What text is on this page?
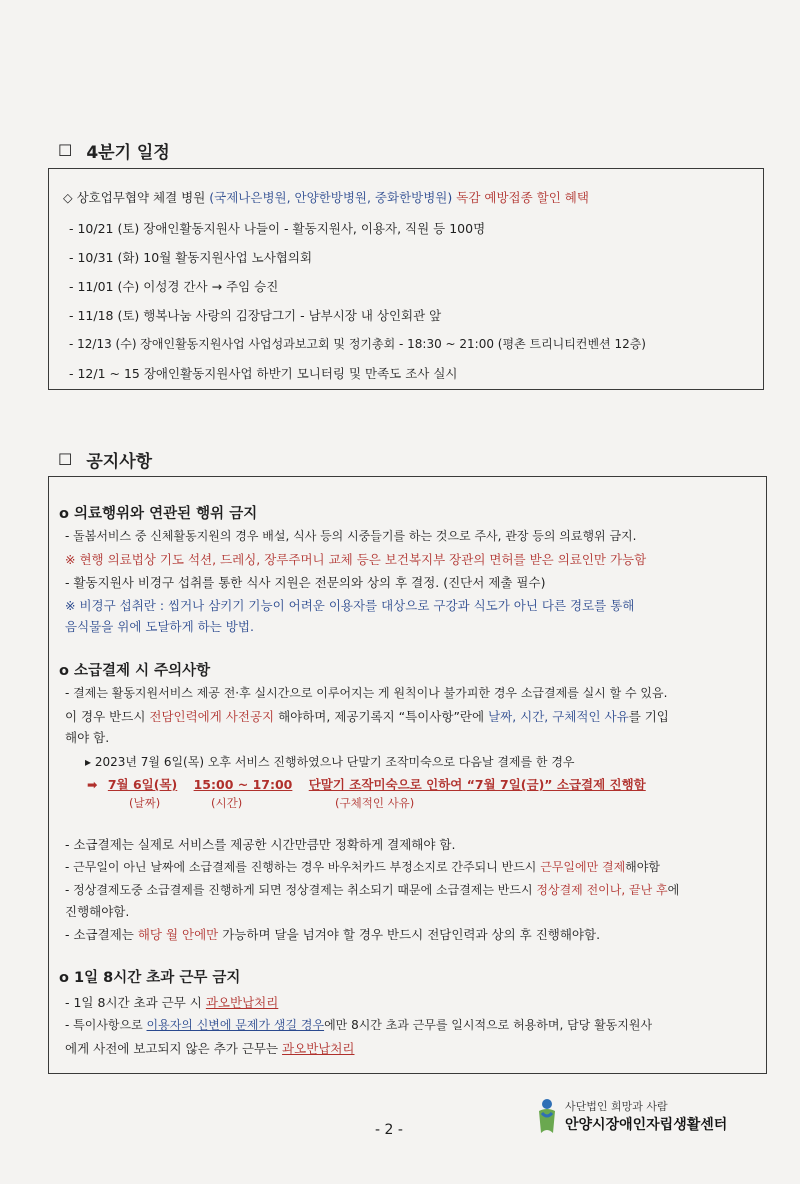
☐ 4분기 일정
◇ 상호업무협약 체결 병원 (국제나은병원, 안양한방병원, 중화한방병원) 독감 예방접종 할인 혜택
- 10/21 (토) 장애인활동지원사 나들이 - 활동지원사, 이용자, 직원 등 100명
- 10/31 (화) 10월 활동지원사업 노사협의회
- 11/01 (수) 이성경 간사 → 주임 승진
- 11/18 (토) 행복나눔 사랑의 김장담그기 - 남부시장 내 상인회관 앞
- 12/13 (수) 장애인활동지원사업 사업성과보고회 및 정기총회 - 18:30 ~ 21:00 (평촌 트리니티컨벤션 12층)
- 12/1 ~ 15 장애인활동지원사업 하반기 모니터링 및 만족도 조사 실시
☐ 공지사항
o 의료행위와 연관된 행위 금지
- 돌봄서비스 중 신체활동지원의 경우 배설, 식사 등의 시중들기를 하는 것으로 주사, 관장 등의 의료행위 금지.
※ 현행 의료법상 기도 석션, 드레싱, 장루주머니 교체 등은 보건복지부 장관의 면허를 받은 의료인만 가능함
- 활동지원사 비경구 섭취를 통한 식사 지원은 전문의와 상의 후 결정. (진단서 제출 필수)
※ 비경구 섭취란 : 씹거나 삼키기 기능이 어려운 이용자를 대상으로 구강과 식도가 아닌 다른 경로를 통해
음식물을 위에 도달하게 하는 방법.
o 소급결제 시 주의사항
- 결제는 활동지원서비스 제공 전·후 실시간으로 이루어지는 게 원칙이나 불가피한 경우 소급결제를 실시 할 수 있음.
이 경우 반드시 전담인력에게 사전공지 해야하며, 제공기록지 “특이사항”란에 날짜, 시간, 구체적인 사유를 기입
해야 함.
▸ 2023년 7월 6일(목) 오후 서비스 진행하였으나 단말기 조작미숙으로 다음날 결제를 한 경우
➡ 7월 6일(목) 15:00 ~ 17:00 단말기 조작미숙으로 인하여 “7월 7일(금)” 소급결제 진행함
(날짜)	(시간)	(구체적인 사유)
- 소급결제는 실제로 서비스를 제공한 시간만큼만 정확하게 결제해야 함.
- 근무일이 아닌 날짜에 소급결제를 진행하는 경우 바우처카드 부정소지로 간주되니 반드시 근무일에만 결제해야함
- 정상결제도중 소급결제를 진행하게 되면 정상결제는 취소되기 때문에 소급결제는 반드시 정상결제 전이나, 끝난 후에
진행해야함.
- 소급결제는 해당 월 안에만 가능하며 달을 넘겨야 할 경우 반드시 전담인력과 상의 후 진행해야함.
o 1일 8시간 초과 근무 금지
- 1일 8시간 초과 근무 시 과오반납처리
- 특이사항으로 이용자의 신변에 문제가 생길 경우에만 8시간 초과 근무를 일시적으로 허용하며, 담당 활동지원사
에게 사전에 보고되지 않은 추가 근무는 과오반납처리
- 2 -
사단법인 희망과 사람
안양시장애인자립생활센터
